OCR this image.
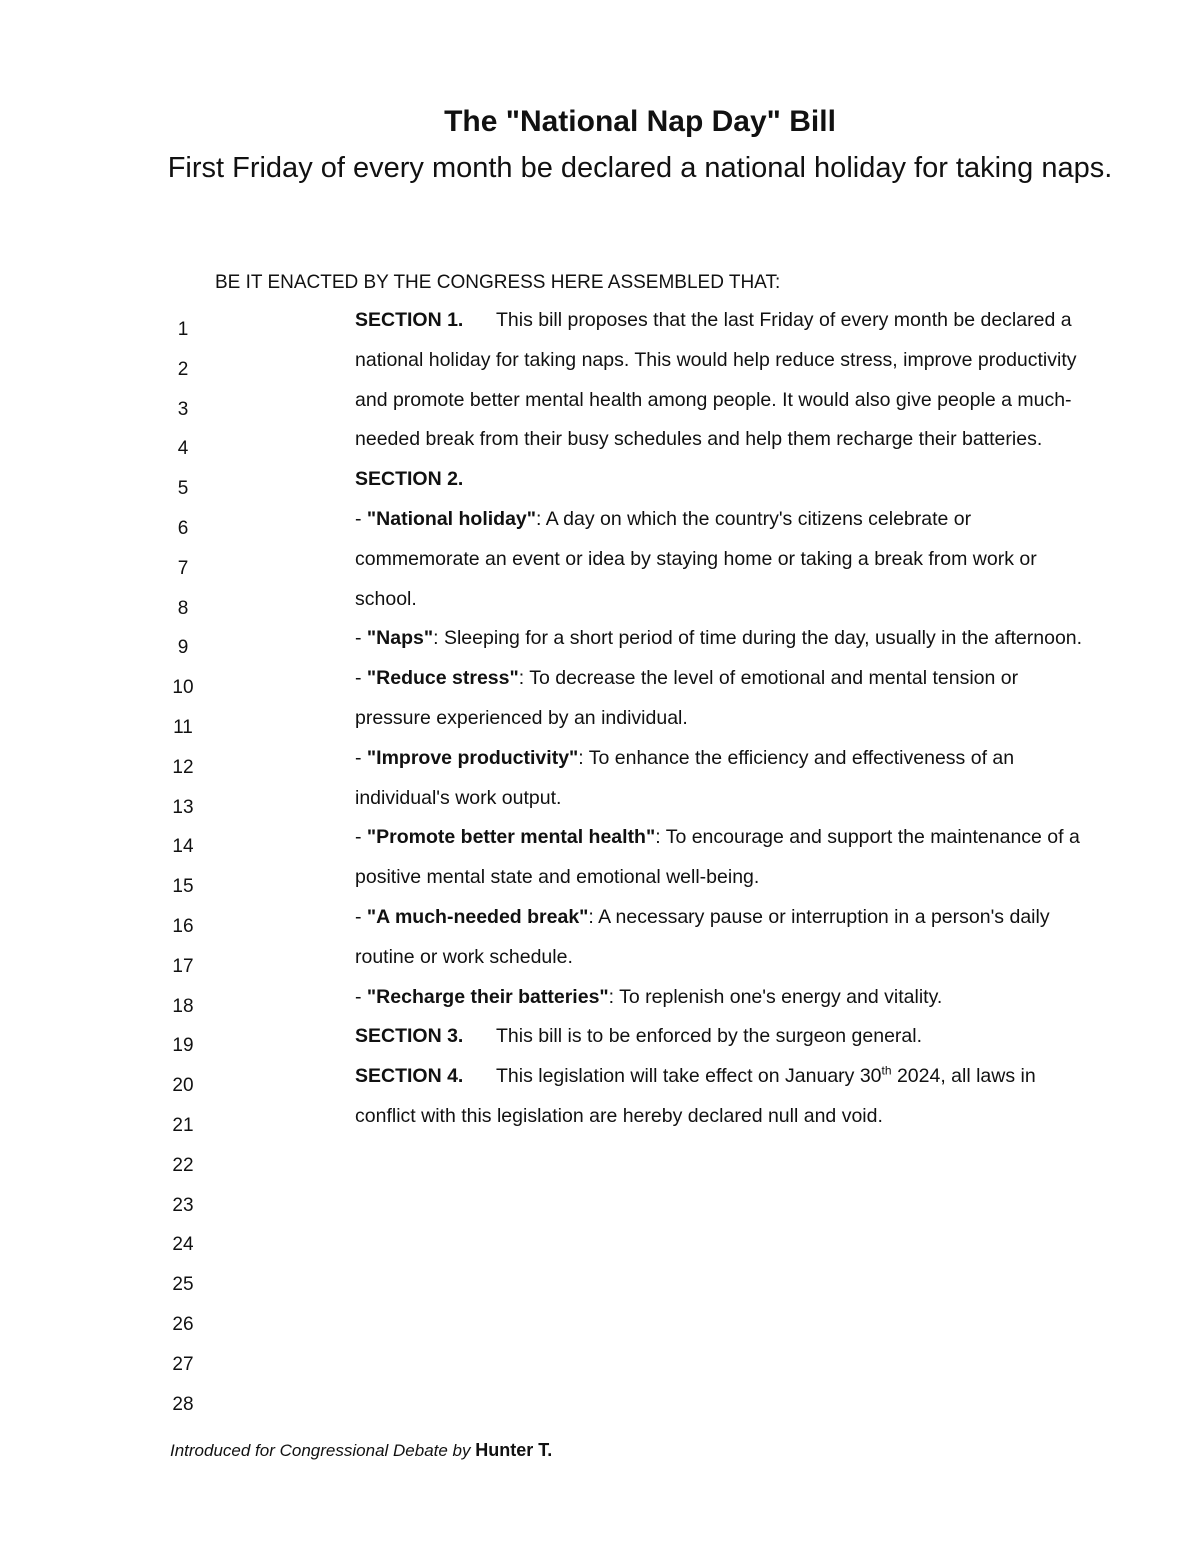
The "National Nap Day" Bill

First Friday of every month be declared a national holiday for taking naps.

BE IT ENACTED BY THE CONGRESS HERE ASSEMBLED THAT:
1
2
3
4
5
6
7
8
9
10
11
12
13
14
15
16
17
18
19
20
21
22
23
24
25
26
27
28

SECTION 1. This bill proposes that the last Friday of every month be declared a national holiday for taking naps. This would help reduce stress, improve productivity and promote better mental health among people. It would also give people a much-needed break from their busy schedules and help them recharge their batteries.

SECTION 2.

- "National holiday": A day on which the country's citizens celebrate or commemorate an event or idea by staying home or taking a break from work or school.

- "Naps": Sleeping for a short period of time during the day, usually in the afternoon.

- "Reduce stress": To decrease the level of emotional and mental tension or pressure experienced by an individual.

- "Improve productivity": To enhance the efficiency and effectiveness of an individual's work output.

- "Promote better mental health": To encourage and support the maintenance of a positive mental state and emotional well-being.

- "A much-needed break": A necessary pause or interruption in a person's daily routine or work schedule.

- "Recharge their batteries": To replenish one's energy and vitality.

SECTION 3. This bill is to be enforced by the surgeon general.

SECTION 4. This legislation will take effect on January 30th 2024, all laws in conflict with this legislation are hereby declared null and void.

Introduced for Congressional Debate by Hunter T.
